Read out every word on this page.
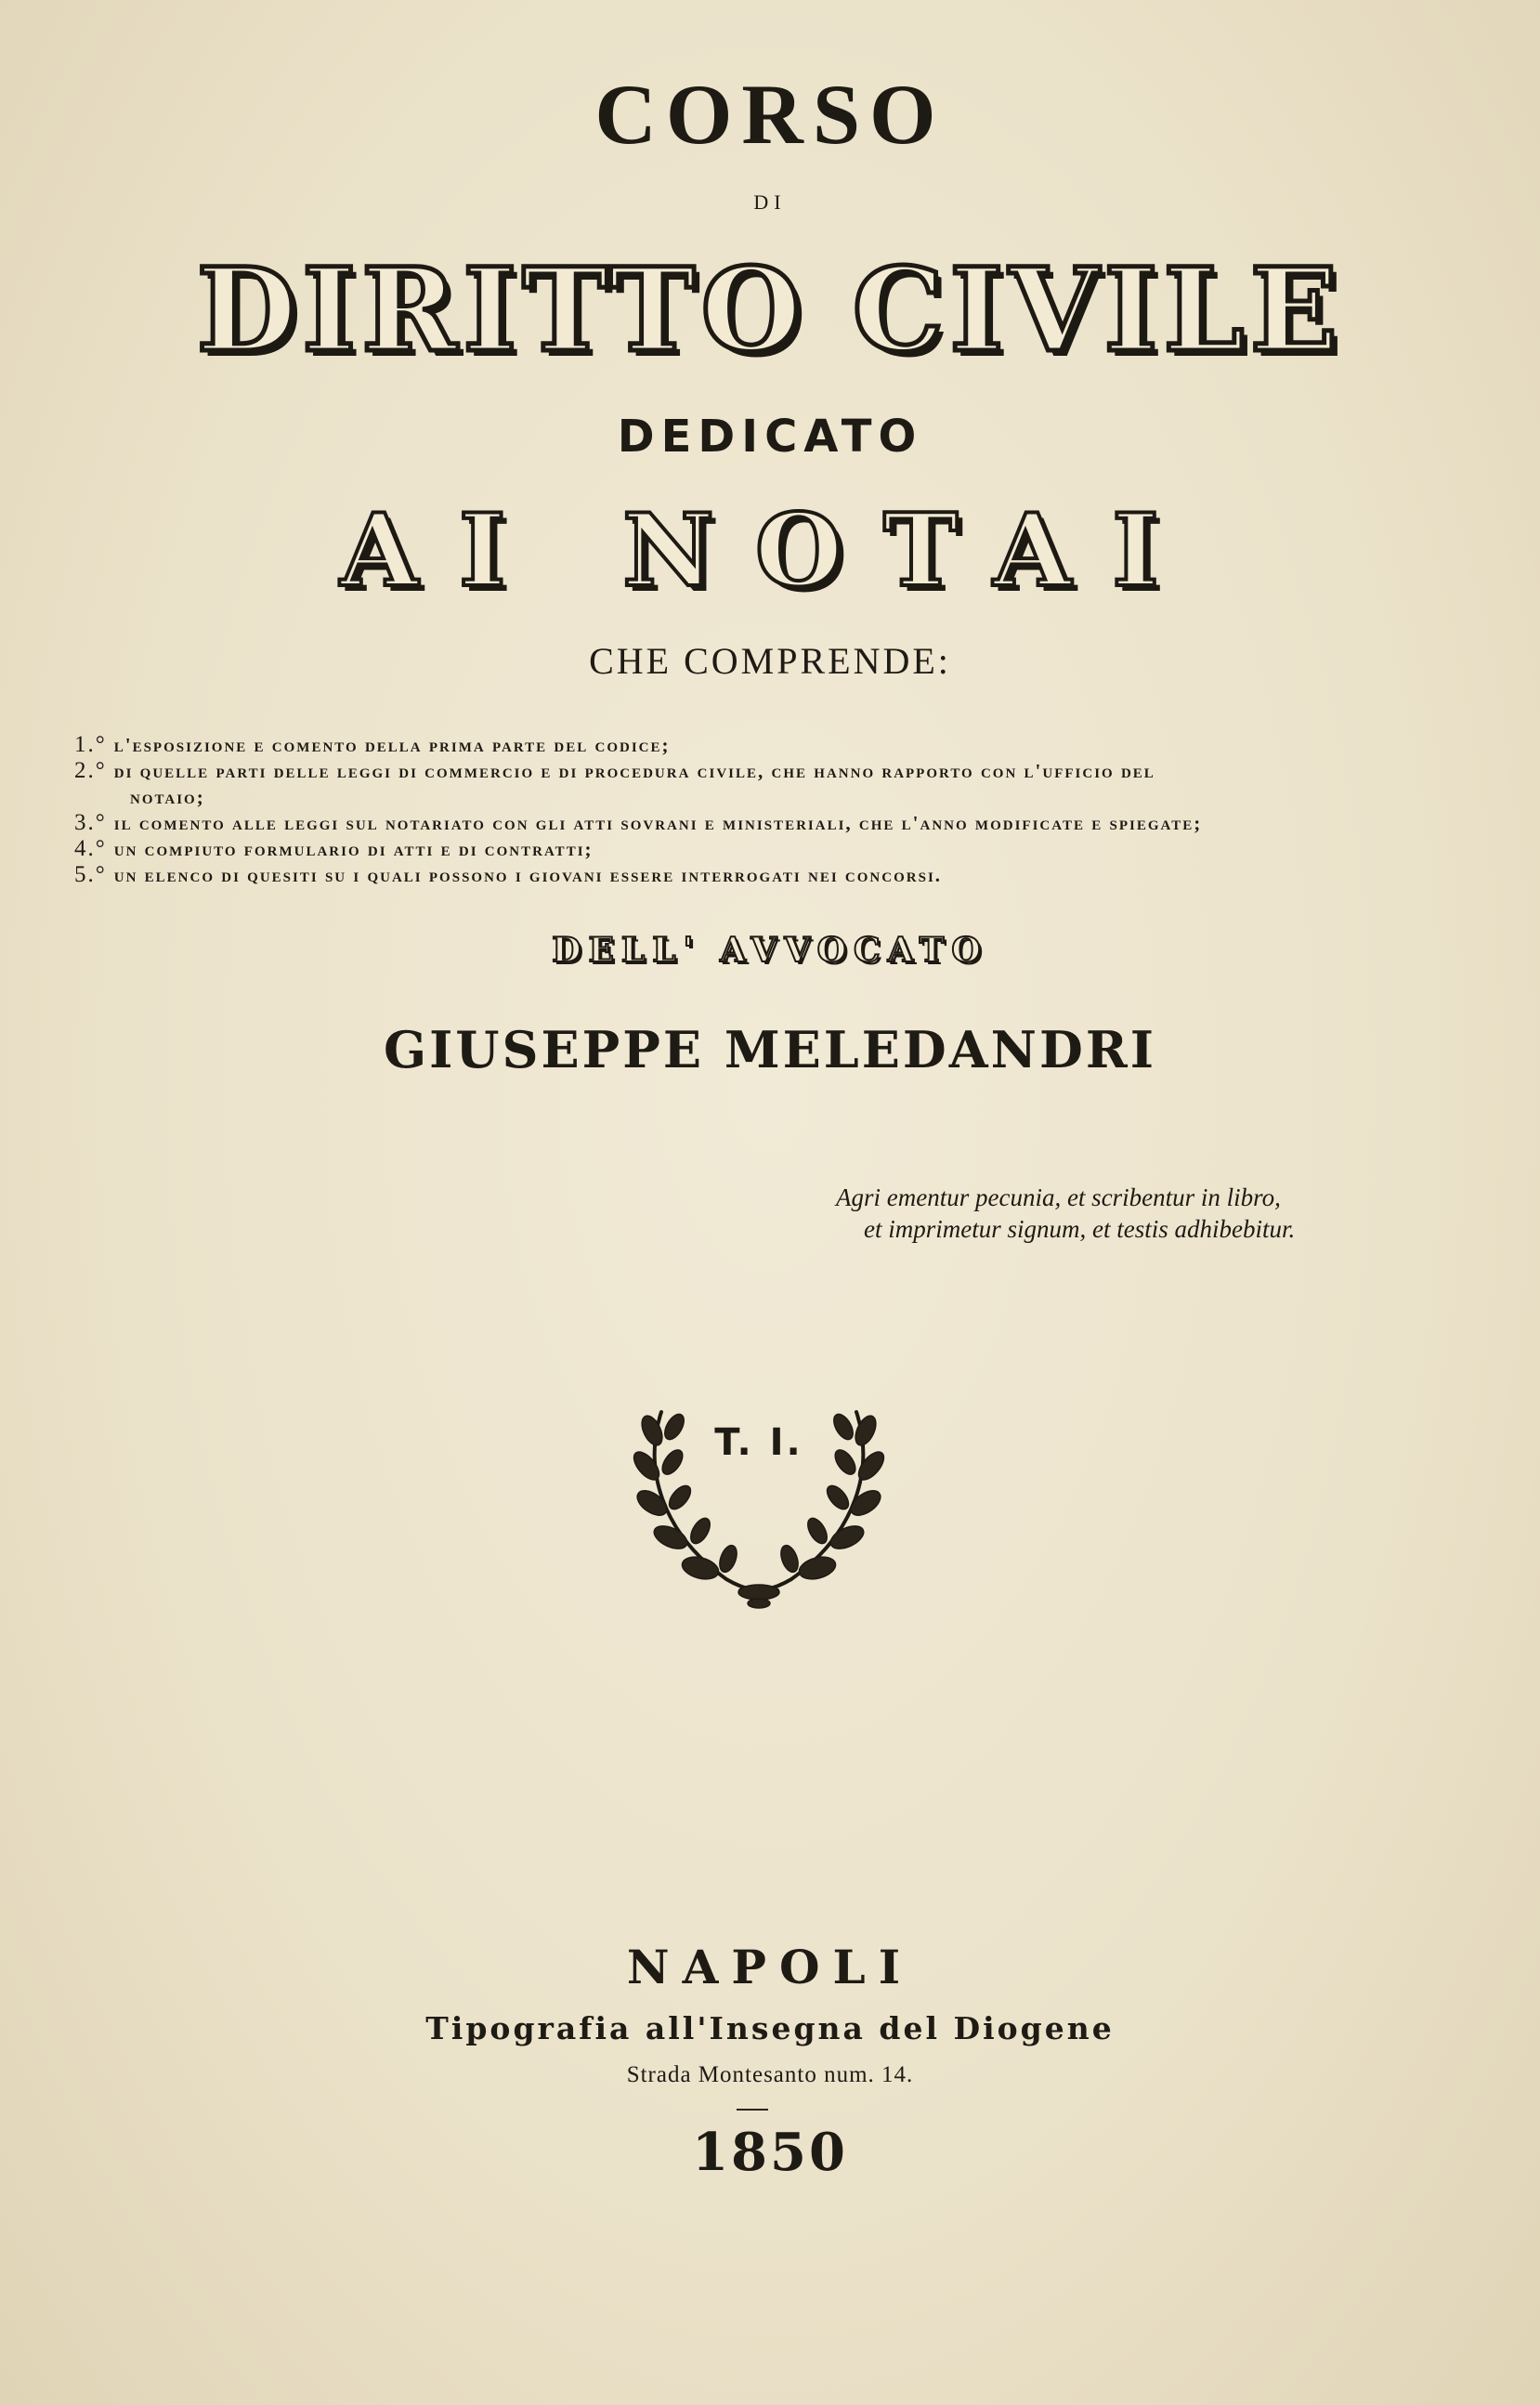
CORSO
DI
DIRITTO CIVILE
DEDICATO
AI NOTAI
CHE COMPRENDE:
1.° l'esposizione e comento della prima parte del codice;
2.° di quelle parti delle leggi di commercio e di procedura civile, che hanno rapporto con l'ufficio del
notaio;
3.° il comento alle leggi sul notariato con gli atti sovrani e ministeriali, che l'anno modificate e spiegate;
4.° un compiuto formulario di atti e di contratti;
5.° un elenco di quesiti su i quali possono i giovani essere interrogati nei concorsi.
DELL' AVVOCATO
GIUSEPPE MELEDANDRI
Agri ementur pecunia, et scribentur in libro,
et imprimetur signum, et testis adhibebitur.
T. I.
NAPOLI
Tipografia all'Insegna del Diogene
Strada Montesanto num. 14.
1850
